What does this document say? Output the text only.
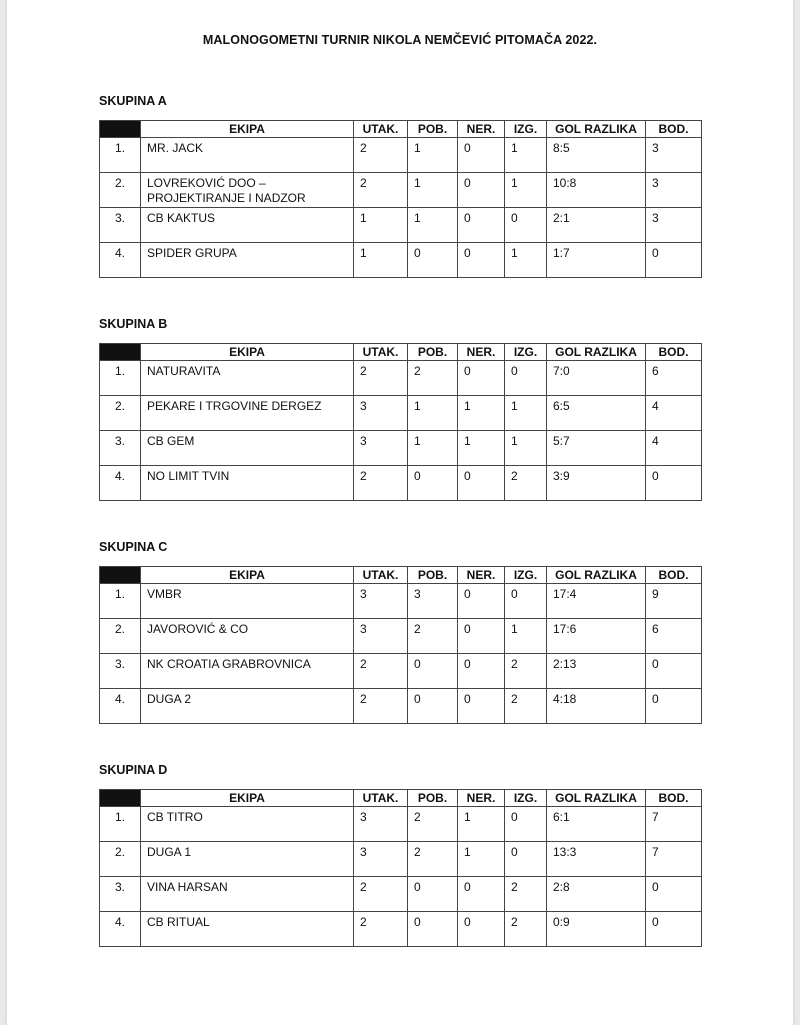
MALONOGOMETNI TURNIR NIKOLA NEMČEVIĆ PITOMAČA 2022.
SKUPINA A
	EKIPA	UTAK.	POB.	NER.	IZG.	GOL RAZLIKA	BOD.
1.	MR. JACK	2	1	0	1	8:5	3
2.	LOVREKOVIĆ DOO – PROJEKTIRANJE I NADZOR	2	1	0	1	10:8	3
3.	CB KAKTUS	1	1	0	0	2:1	3
4.	SPIDER GRUPA	1	0	0	1	1:7	0
SKUPINA B
	EKIPA	UTAK.	POB.	NER.	IZG.	GOL RAZLIKA	BOD.
1.	NATURAVITA	2	2	0	0	7:0	6
2.	PEKARE I TRGOVINE DERGEZ	3	1	1	1	6:5	4
3.	CB GEM	3	1	1	1	5:7	4
4.	NO LIMIT TVIN	2	0	0	2	3:9	0
SKUPINA C
	EKIPA	UTAK.	POB.	NER.	IZG.	GOL RAZLIKA	BOD.
1.	VMBR	3	3	0	0	17:4	9
2.	JAVOROVIĆ & CO	3	2	0	1	17:6	6
3.	NK CROATIA GRABROVNICA	2	0	0	2	2:13	0
4.	DUGA 2	2	0	0	2	4:18	0
SKUPINA D
	EKIPA	UTAK.	POB.	NER.	IZG.	GOL RAZLIKA	BOD.
1.	CB TITRO	3	2	1	0	6:1	7
2.	DUGA 1	3	2	1	0	13:3	7
3.	VINA HARSAN	2	0	0	2	2:8	0
4.	CB RITUAL	2	0	0	2	0:9	0
